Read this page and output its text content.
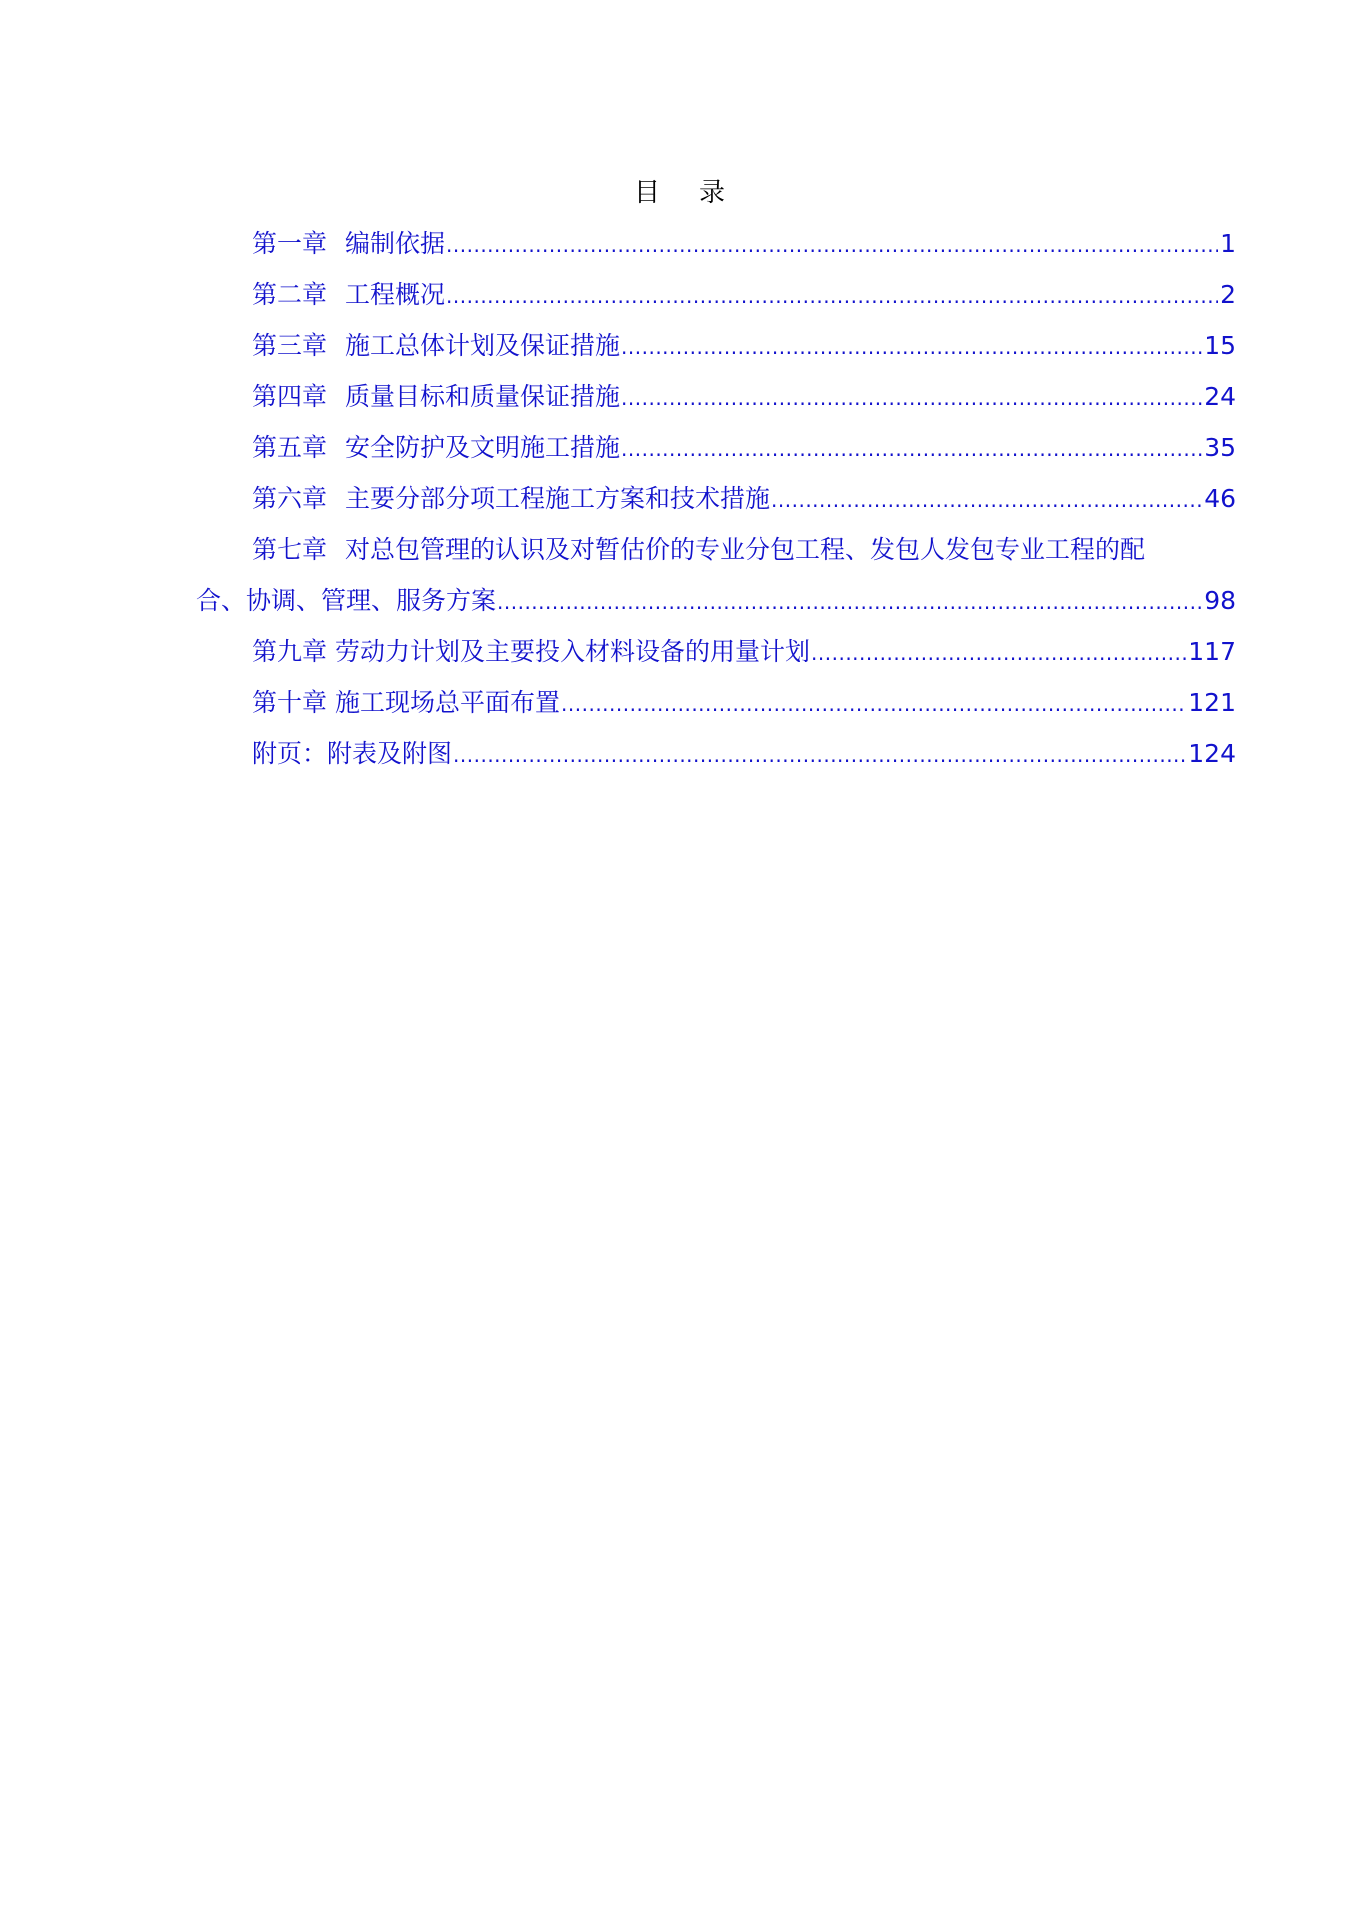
目 录
第一章 编制依据 .....	1
第二章 工程概况 .....	2
第三章 施工总体计划及保证措施 .....	15
第四章 质量目标和质量保证措施 .....	24
第五章 安全防护及文明施工措施 .....	35
第六章 主要分部分项工程施工方案和技术措施 .....	46
第七章 对总包管理的认识及对暂估价的专业分包工程、发包人发包专业工程的配
合、协调、管理、服务方案 .....	98
第九章 劳动力计划及主要投入材料设备的用量计划 .....	117
第十章 施工现场总平面布置 .....	121
附页：附表及附图 .....	124
